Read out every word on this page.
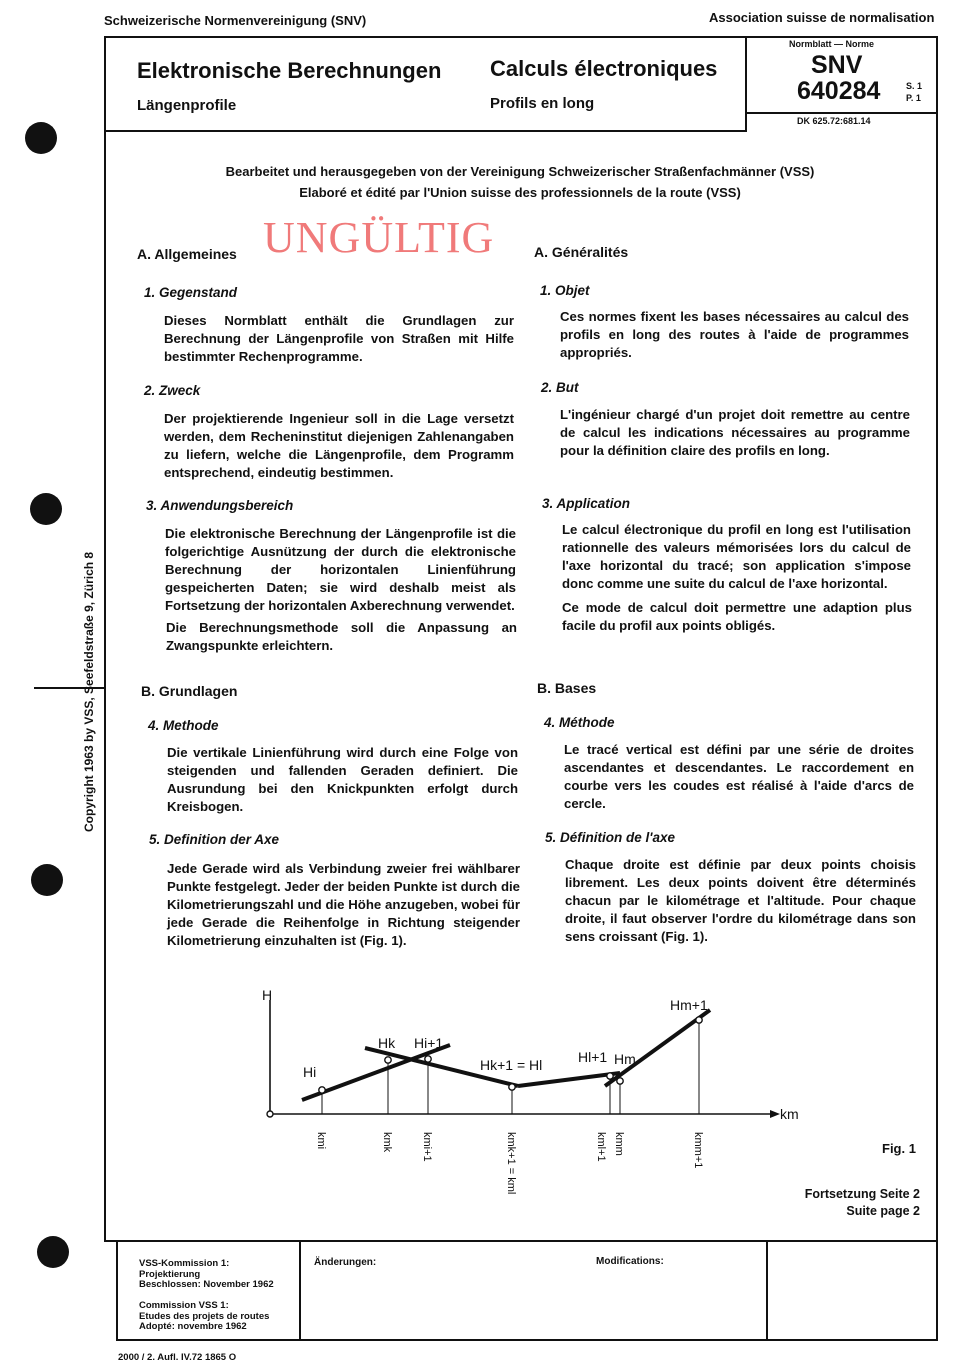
Schweizerische Normenvereinigung (SNV)	Association suisse de normalisation
Copyright 1963 by VSS, Seefeldstraße 9, Zürich 8
Elektronische Berechnungen
Längenprofile
Calculs électroniques
Profils en long
Normblatt — Norme
SNV
640284	S. 1
P. 1
DK 625.72:681.14
Bearbeitet und herausgegeben von der Vereinigung Schweizerischer Straßenfachmänner (VSS)
Elaboré et édité par l'Union suisse des professionnels de la route (VSS)
UNGÜLTIG
A. Allgemeines
1. Gegenstand
Dieses Normblatt enthält die Grundlagen zur Berechnung der Längenprofile von Straßen mit Hilfe bestimmter Rechenprogramme.
2. Zweck
Der projektierende Ingenieur soll in die Lage versetzt werden, dem Recheninstitut diejenigen Zahlenangaben zu liefern, welche die Längenprofile, dem Programm entsprechend, eindeutig bestimmen.
3. Anwendungsbereich
Die elektronische Berechnung der Längenprofile ist die folgerichtige Ausnützung der durch die elektronische Berechnung der horizontalen Linienführung gespeicherten Daten; sie wird deshalb meist als Fortsetzung der horizontalen Axberechnung verwendet.
Die Berechnungsmethode soll die Anpassung an Zwangspunkte erleichtern.
B. Grundlagen
4. Methode
Die vertikale Linienführung wird durch eine Folge von steigenden und fallenden Geraden definiert. Die Ausrundung bei den Knickpunkten erfolgt durch Kreisbogen.
5. Definition der Axe
Jede Gerade wird als Verbindung zweier frei wählbarer Punkte festgelegt. Jeder der beiden Punkte ist durch die Kilometrierungszahl und die Höhe anzugeben, wobei für jede Gerade die Reihenfolge in Richtung steigender Kilometrierung einzuhalten ist (Fig. 1).
A. Généralités
1. Objet
Ces normes fixent les bases nécessaires au calcul des profils en long des routes à l'aide de programmes appropriés.
2. But
L'ingénieur chargé d'un projet doit remettre au centre de calcul les indications nécessaires au programme pour la définition claire des profils en long.
3. Application
Le calcul électronique du profil en long est l'utilisation rationnelle des valeurs mémorisées lors du calcul de l'axe horizontal du tracé; son application s'impose donc comme une suite du calcul de l'axe horizontal.
Ce mode de calcul doit permettre une adaption plus facile du profil aux points obligés.
B. Bases
4. Méthode
Le tracé vertical est défini par une série de droites ascendantes et descendantes. Le raccordement en courbe vers les coudes est réalisé à l'aide d'arcs de cercle.
5. Définition de l'axe
Chaque droite est définie par deux points choisis librement. Les deux points doivent être déterminés chacun par le kilométrage et l'altitude. Pour chaque droite, il faut observer l'ordre du kilométrage dans son sens croissant (Fig. 1).
H
km
Hi
Hk Hi+1
Hk+1 = Hl	Hl+1 Hm
Hm+1
kmi	kmk	kmi+1	kmk+1 = kml	kml+1 kmm	kmm+1	Fig. 1
Fortsetzung Seite 2
Suite page 2
VSS-Kommission 1:
Projektierung
Beschlossen: November 1962
Commission VSS 1:
Etudes des projets de routes
Adopté: novembre 1962
Änderungen:	Modifications:
2000 / 2. Aufl. IV.72 1865 O
